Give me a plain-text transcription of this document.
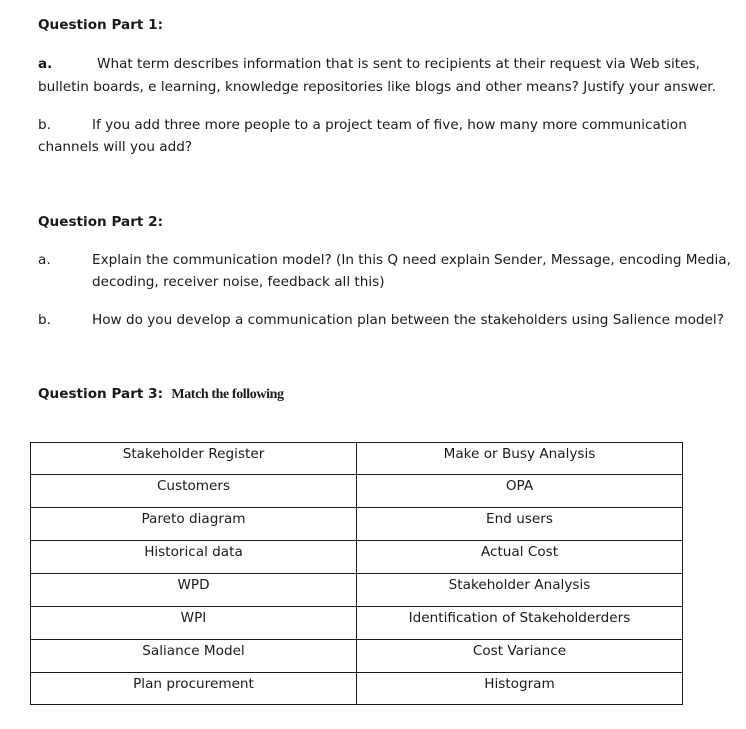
Question Part 1:
a.	What term describes information that is sent to recipients at their request via Web sites,
bulletin boards, e learning, knowledge repositories like blogs and other means? Justify your answer.
b.	If you add three more people to a project team of five, how many more communication
channels will you add?
Question Part 2:
a.	Explain the communication model? (In this Q need explain Sender, Message, encoding Media,
decoding, receiver noise, feedback all this)
b.	How do you develop a communication plan between the stakeholders using Salience model?
Question Part 3: Match the following
Stakeholder Register	Make or Busy Analysis
Customers	OPA
Pareto diagram	End users
Historical data	Actual Cost
WPD	Stakeholder Analysis
WPI	Identification of Stakeholderders
Saliance Model	Cost Variance
Plan procurement	Histogram
